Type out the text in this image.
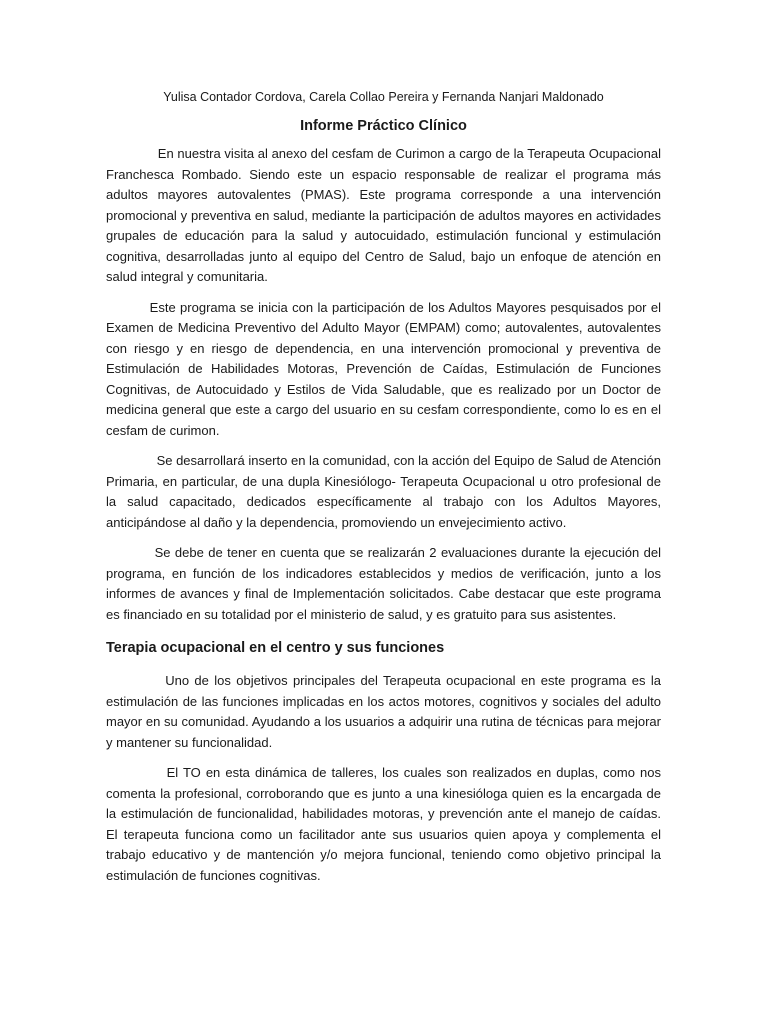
Yulisa Contador Cordova, Carela Collao Pereira y Fernanda Nanjari Maldonado

Informe Práctico Clínico

En nuestra visita al anexo del cesfam de Curimon a cargo de la Terapeuta Ocupacional Franchesca Rombado. Siendo este un espacio responsable de realizar el programa más adultos mayores autovalentes (PMAS). Este programa corresponde a una intervención promocional y preventiva en salud, mediante la participación de adultos mayores en actividades grupales de educación para la salud y autocuidado, estimulación funcional y estimulación cognitiva, desarrolladas junto al equipo del Centro de Salud, bajo un enfoque de atención en salud integral y comunitaria.

Este programa se inicia con la participación de los Adultos Mayores pesquisados por el Examen de Medicina Preventivo del Adulto Mayor (EMPAM) como; autovalentes, autovalentes con riesgo y en riesgo de dependencia, en una intervención promocional y preventiva de Estimulación de Habilidades Motoras, Prevención de Caídas, Estimulación de Funciones Cognitivas, de Autocuidado y Estilos de Vida Saludable, que es realizado por un Doctor de medicina general que este a cargo del usuario en su cesfam correspondiente, como lo es en el cesfam de curimon.

Se desarrollará inserto en la comunidad, con la acción del Equipo de Salud de Atención Primaria, en particular, de una dupla Kinesiólogo- Terapeuta Ocupacional u otro profesional de la salud capacitado, dedicados específicamente al trabajo con los Adultos Mayores, anticipándose al daño y la dependencia, promoviendo un envejecimiento activo.

Se debe de tener en cuenta que se realizarán 2 evaluaciones durante la ejecución del programa, en función de los indicadores establecidos y medios de verificación, junto a los informes de avances y final de Implementación solicitados. Cabe destacar que este programa es financiado en su totalidad por el ministerio de salud, y es gratuito para sus asistentes.

Terapia ocupacional en el centro y sus funciones

Uno de los objetivos principales del Terapeuta ocupacional en este programa es la estimulación de las funciones implicadas en los actos motores, cognitivos y sociales del adulto mayor en su comunidad. Ayudando a los usuarios a adquirir una rutina de técnicas para mejorar y mantener su funcionalidad.

El TO en esta dinámica de talleres, los cuales son realizados en duplas, como nos comenta la profesional, corroborando que es junto a una kinesióloga quien es la encargada de la estimulación de funcionalidad, habilidades motoras, y prevención ante el manejo de caídas. El terapeuta funciona como un facilitador ante sus usuarios quien apoya y complementa el trabajo educativo y de mantención y/o mejora funcional, teniendo como objetivo principal la estimulación de funciones cognitivas.
